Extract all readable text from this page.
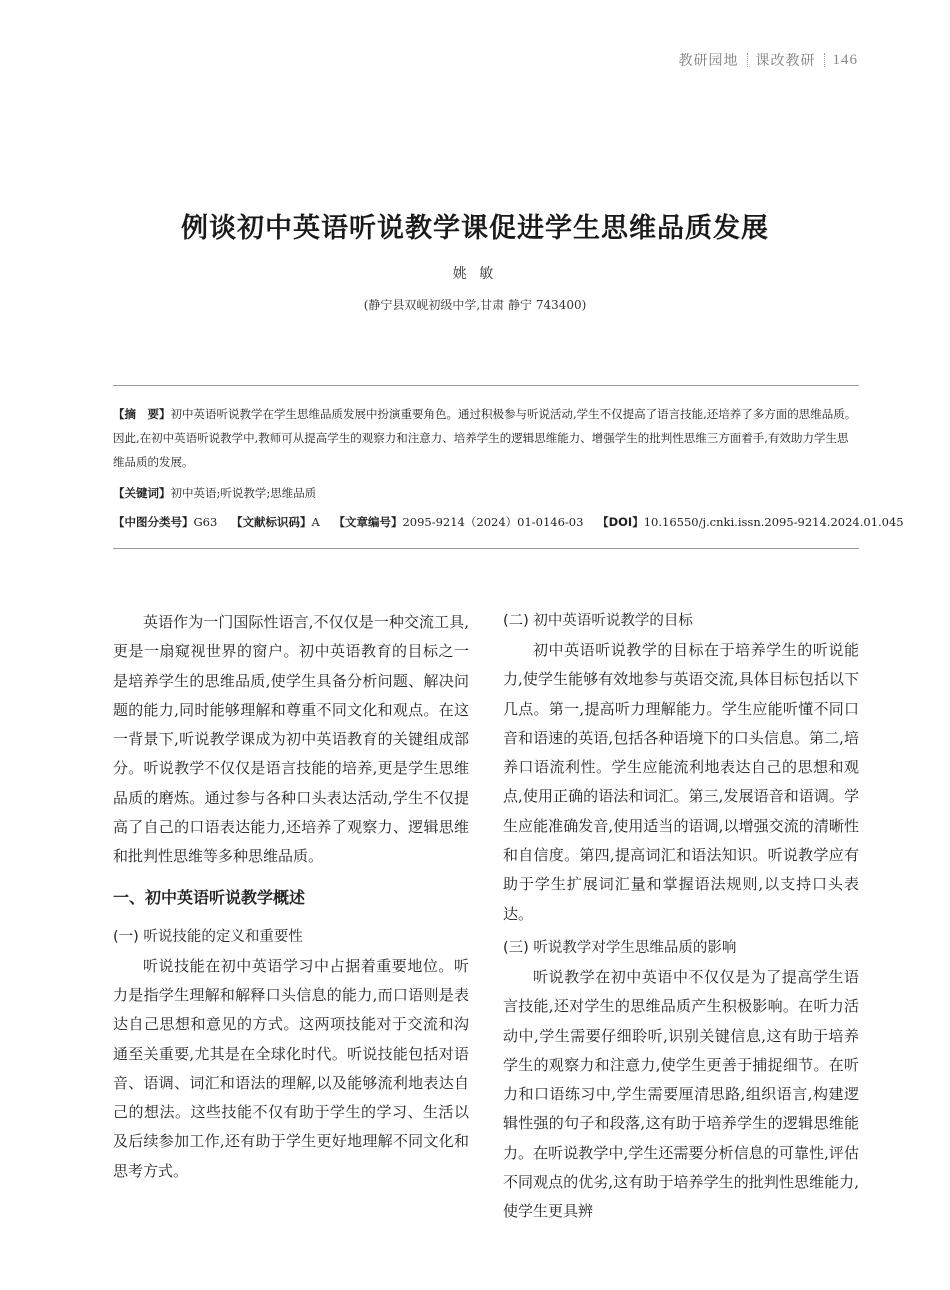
教研园地 课改教研 146
例谈初中英语听说教学课促进学生思维品质发展
姚 敏
(静宁县双岘初级中学,甘肃 静宁 743400)
【摘　要】初中英语听说教学在学生思维品质发展中扮演重要角色。通过积极参与听说活动,学生不仅提高了语言技能,还培养了多方面的思维品质。因此,在初中英语听说教学中,教师可从提高学生的观察力和注意力、培养学生的逻辑思维能力、增强学生的批判性思维三方面着手,有效助力学生思维品质的发展。
【关键词】初中英语;听说教学;思维品质
【中图分类号】G63 【文献标识码】A 【文章编号】2095-9214（2024）01-0146-03 【DOI】10.16550/j.cnki.issn.2095-9214.2024.01.045

英语作为一门国际性语言,不仅仅是一种交流工具,更是一扇窥视世界的窗户。初中英语教育的目标之一是培养学生的思维品质,使学生具备分析问题、解决问题的能力,同时能够理解和尊重不同文化和观点。在这一背景下,听说教学课成为初中英语教育的关键组成部分。听说教学不仅仅是语言技能的培养,更是学生思维品质的磨炼。通过参与各种口头表达活动,学生不仅提高了自己的口语表达能力,还培养了观察力、逻辑思维和批判性思维等多种思维品质。

一、初中英语听说教学概述
(一) 听说技能的定义和重要性

听说技能在初中英语学习中占据着重要地位。听力是指学生理解和解释口头信息的能力,而口语则是表达自己思想和意见的方式。这两项技能对于交流和沟通至关重要,尤其是在全球化时代。听说技能包括对语音、语调、词汇和语法的理解,以及能够流利地表达自己的想法。这些技能不仅有助于学生的学习、生活以及后续参加工作,还有助于学生更好地理解不同文化和思考方式。

(二) 初中英语听说教学的目标

初中英语听说教学的目标在于培养学生的听说能力,使学生能够有效地参与英语交流,具体目标包括以下几点。第一,提高听力理解能力。学生应能听懂不同口音和语速的英语,包括各种语境下的口头信息。第二,培养口语流利性。学生应能流利地表达自己的思想和观点,使用正确的语法和词汇。第三,发展语音和语调。学生应能准确发音,使用适当的语调,以增强交流的清晰性和自信度。第四,提高词汇和语法知识。听说教学应有助于学生扩展词汇量和掌握语法规则,以支持口头表达。

(三) 听说教学对学生思维品质的影响

听说教学在初中英语中不仅仅是为了提高学生语言技能,还对学生的思维品质产生积极影响。在听力活动中,学生需要仔细聆听,识别关键信息,这有助于培养学生的观察力和注意力,使学生更善于捕捉细节。在听力和口语练习中,学生需要厘清思路,组织语言,构建逻辑性强的句子和段落,这有助于培养学生的逻辑思维能力。在听说教学中,学生还需要分析信息的可靠性,评估不同观点的优劣,这有助于培养学生的批判性思维能力,使学生更具辨
